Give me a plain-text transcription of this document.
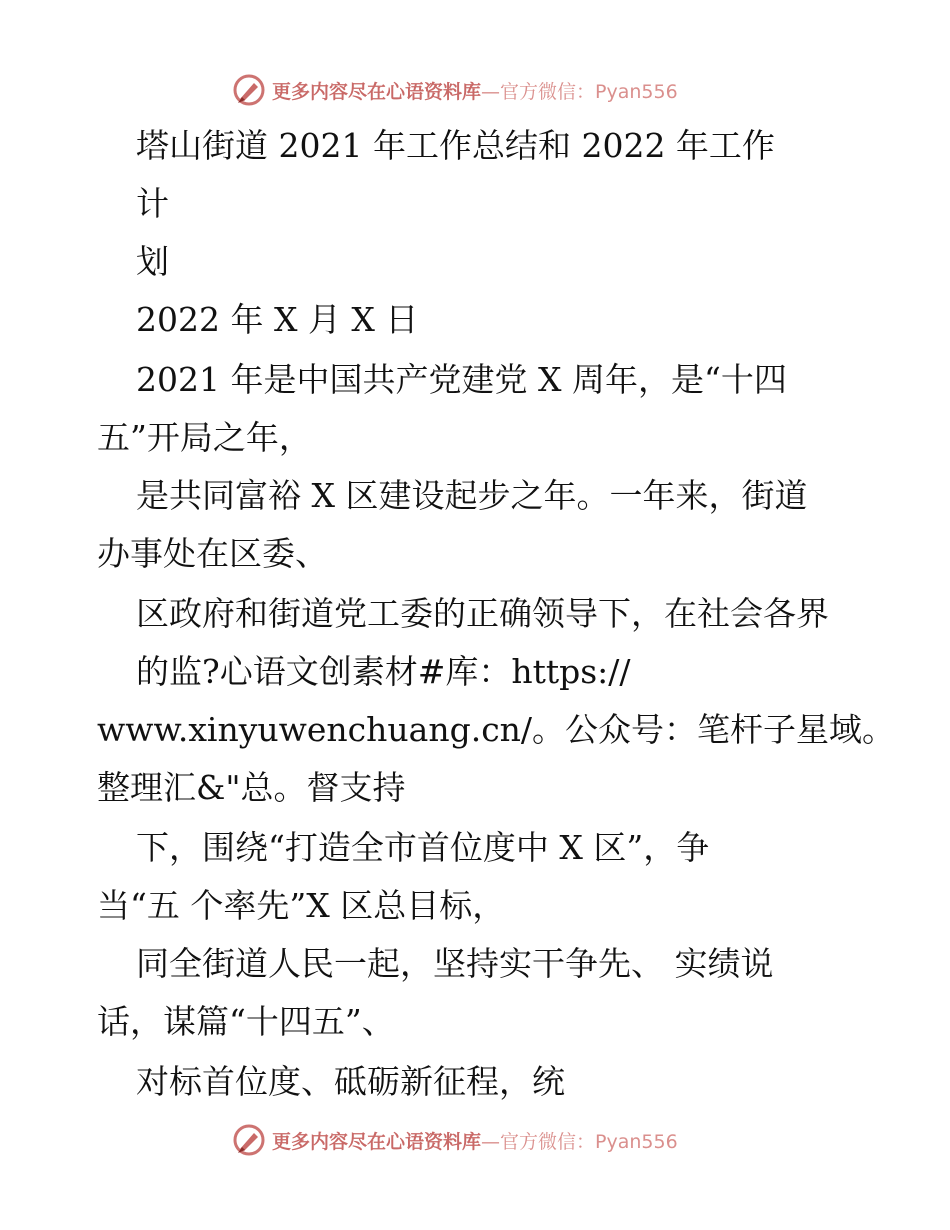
更多内容尽在心语资料库 —官方微信：Pyan556
塔山街道 2021 年工作总结和 2022 年工作
计
划
2022 年 X 月 X 日
2021 年是中国共产党建党 X 周年，是“十四
五”开局之年，
是共同富裕 X 区建设起步之年。一年来，街道
办事处在区委、
区政府和街道党工委的正确领导下，在社会各界
的监?心语文创素材#库：https://
www.xinyuwenchuang.cn/。公众号：笔杆子星域。
整理汇&"总。督支持
下，围绕“打造全市首位度中 X 区”，争
当“五 个率先”X 区总目标，
同全街道人民一起，坚持实干争先、 实绩说
话，谋篇“十四五”、
对标首位度、砥砺新征程，统
更多内容尽在心语资料库 —官方微信：Pyan556
